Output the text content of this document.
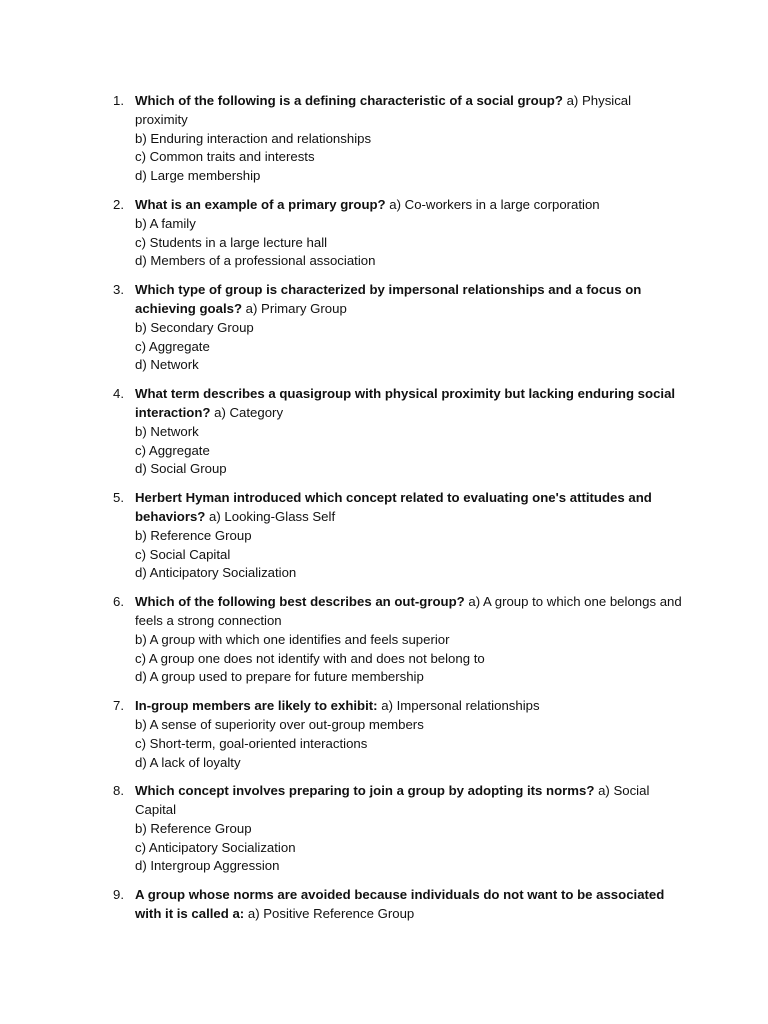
1. Which of the following is a defining characteristic of a social group? a) Physical proximity
b) Enduring interaction and relationships
c) Common traits and interests
d) Large membership
2. What is an example of a primary group? a) Co-workers in a large corporation
b) A family
c) Students in a large lecture hall
d) Members of a professional association
3. Which type of group is characterized by impersonal relationships and a focus on achieving goals? a) Primary Group
b) Secondary Group
c) Aggregate
d) Network
4. What term describes a quasigroup with physical proximity but lacking enduring social interaction? a) Category
b) Network
c) Aggregate
d) Social Group
5. Herbert Hyman introduced which concept related to evaluating one's attitudes and behaviors? a) Looking-Glass Self
b) Reference Group
c) Social Capital
d) Anticipatory Socialization
6. Which of the following best describes an out-group? a) A group to which one belongs and feels a strong connection
b) A group with which one identifies and feels superior
c) A group one does not identify with and does not belong to
d) A group used to prepare for future membership
7. In-group members are likely to exhibit: a) Impersonal relationships
b) A sense of superiority over out-group members
c) Short-term, goal-oriented interactions
d) A lack of loyalty
8. Which concept involves preparing to join a group by adopting its norms? a) Social Capital
b) Reference Group
c) Anticipatory Socialization
d) Intergroup Aggression
9. A group whose norms are avoided because individuals do not want to be associated with it is called a: a) Positive Reference Group
